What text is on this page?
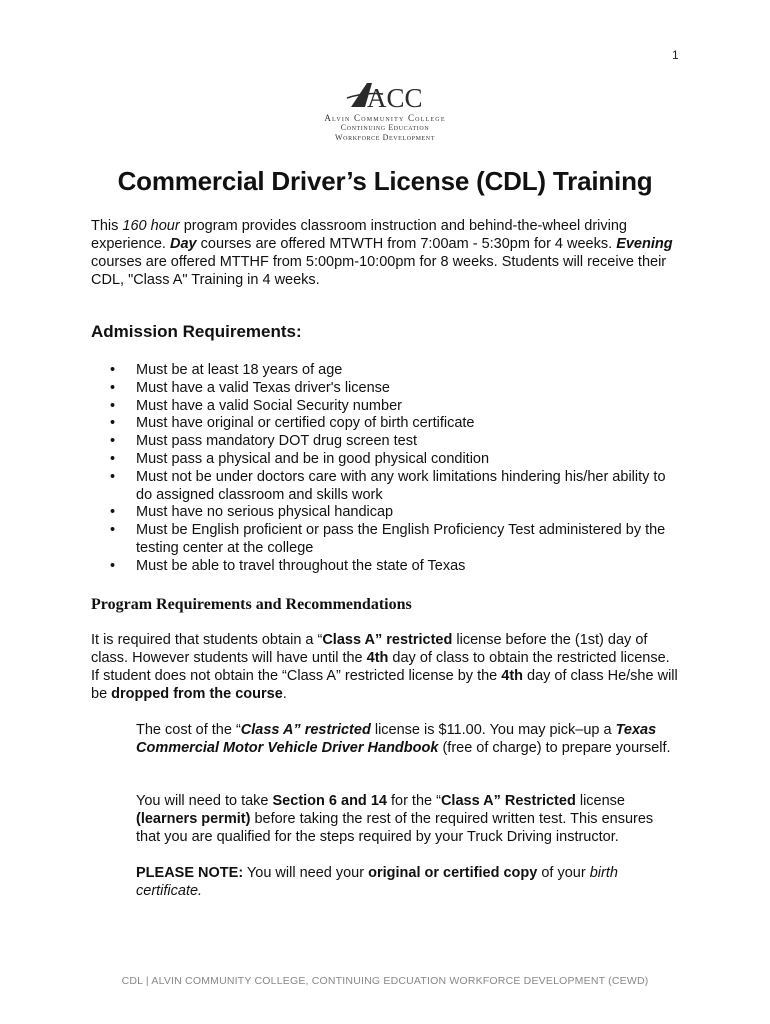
1
ACC
Alvin Community College
Continuing Education
Workforce Development
Commercial Driver’s License (CDL) Training

This 160 hour program provides classroom instruction and behind-the-wheel driving experience. Day courses are offered MTWTH from 7:00am - 5:30pm for 4 weeks. Evening courses are offered MTTHF from 5:00pm-10:00pm for 8 weeks. Students will receive their CDL, "Class A" Training in 4 weeks.

Admission Requirements:
• Must be at least 18 years of age
• Must have a valid Texas driver's license
• Must have a valid Social Security number
• Must have original or certified copy of birth certificate
• Must pass mandatory DOT drug screen test
• Must pass a physical and be in good physical condition
• Must not be under doctors care with any work limitations hindering his/her ability to do assigned classroom and skills work
• Must have no serious physical handicap
• Must be English proficient or pass the English Proficiency Test administered by the testing center at the college
• Must be able to travel throughout the state of Texas
Program Requirements and Recommendations

It is required that students obtain a “Class A” restricted license before the (1st) day of class. However students will have until the 4th day of class to obtain the restricted license. If student does not obtain the “Class A” restricted license by the 4th day of class He/she will be dropped from the course.

The cost of the “Class A” restricted license is $11.00. You may pick–up a Texas Commercial Motor Vehicle Driver Handbook (free of charge) to prepare yourself.

You will need to take Section 6 and 14 for the “Class A” Restricted license (learners permit) before taking the rest of the required written test. This ensures that you are qualified for the steps required by your Truck Driving instructor.

PLEASE NOTE: You will need your original or certified copy of your birth certificate.

CDL | ALVIN COMMUNITY COLLEGE, CONTINUING EDCUATION WORKFORCE DEVELOPMENT (CEWD)
